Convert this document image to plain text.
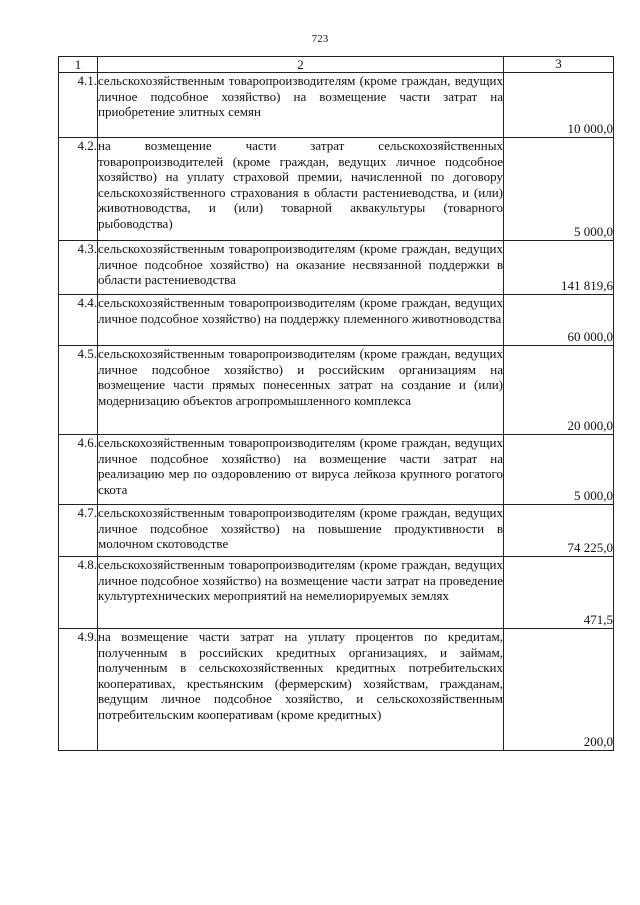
723
1	2	3
4.1.	сельскохозяйственным товаропроизводителям (кроме граждан, ведущих личное подсобное хозяйство) на возмещение части затрат на приобретение элитных семян	10 000,0
4.2.	на возмещение части затрат сельскохозяйственных товаропроизводителей (кроме граждан, ведущих личное подсобное хозяйство) на уплату страховой премии, начисленной по договору сельскохозяйственного страхования в области растениеводства, и (или) животноводства, и (или) товарной аквакультуры (товарного рыбоводства)	5 000,0
4.3.	сельскохозяйственным товаропроизводителям (кроме граждан, ведущих личное подсобное хозяйство) на оказание несвязанной поддержки в области растениеводства	141 819,6
4.4.	сельскохозяйственным товаропроизводителям (кроме граждан, ведущих личное подсобное хозяйство) на поддержку племенного животноводства	60 000,0
4.5.	сельскохозяйственным товаропроизводителям (кроме граждан, ведущих личное подсобное хозяйство) и российским организациям на возмещение части прямых понесенных затрат на создание и (или) модернизацию объектов агропромышленного комплекса	20 000,0
4.6.	сельскохозяйственным товаропроизводителям (кроме граждан, ведущих личное подсобное хозяйство) на возмещение части затрат на реализацию мер по оздоровлению от вируса лейкоза крупного рогатого скота	5 000,0
4.7.	сельскохозяйственным товаропроизводителям (кроме граждан, ведущих личное подсобное хозяйство) на повышение продуктивности в молочном скотоводстве	74 225,0
4.8.	сельскохозяйственным товаропроизводителям (кроме граждан, ведущих личное подсобное хозяйство) на возмещение части затрат на проведение культуртехнических мероприятий на немелиорируемых землях	471,5
4.9.	на возмещение части затрат на уплату процентов по кредитам, полученным в российских кредитных организациях, и займам, полученным в сельскохозяйственных кредитных потребительских кооперативах, крестьянским (фермерским) хозяйствам, гражданам, ведущим личное подсобное хозяйство, и сельскохозяйственным потребительским кооперативам (кроме кредитных)	200,0
